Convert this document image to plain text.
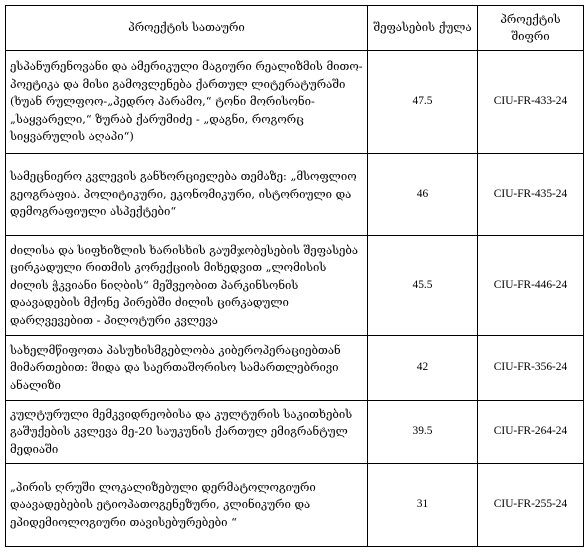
პროექტის სათაური	შეფასების ქულა	პროექტის შიფრი
ესპანურენოვანი და ამერიკული მაგიური რეალიზმის მითო-პოეტიკა და მისი გამოვლენება ქართულ ლიტერატურაში (ხუან რულფოო-„პედრო პარამო,“ ტონი მორისონი- „საყვარელი,“ ზურაბ ქარუმიძე - „დაგნი, როგორც სიყვარულის აღაპი“)	47.5	CIU-FR-433-24
სამეცნიერო კვლევის განხორციელება თემაზე: „მსოფლიო გეოგრაფია. პოლიტიკური, ეკონომიკური, ისტორიული და დემოგრაფიული ასპექტები“	46	CIU-FR-435-24
ძილისა და სიფხიზლის ხარისხის გაუმჯობესების შეფასება ცირკადული რითმის კორექციის მიხედვით „ლომისის ძილის ჭკვიანი ნიღბის“ მეშვეობით პარკინსონის დაავადების მქონე პირებში ძილის ცირკადული დარღვევებით - პილოტური კვლევა	45.5	CIU-FR-446-24
სახელმწიფოთა პასუხისმგებლობა კიბეროპერაციებთან მიმართებით: შიდა და საერთაშორისო სამართლებრივი ანალიზი	42	CIU-FR-356-24
კულტურული მემკვიდრეობისა და კულტურის საკითხების გაშუქების კვლევა მე-20 საუკუნის ქართულ ემიგრანტულ მედიაში	39.5	CIU-FR-264-24
„პირის ღრუში ლოკალიზებული დერმატოლოგიური დაავადებების ეტიოპათოგენეზური, კლინიკური და ეპიდემიოლოგიური თავისებურებები “	31	CIU-FR-255-24
